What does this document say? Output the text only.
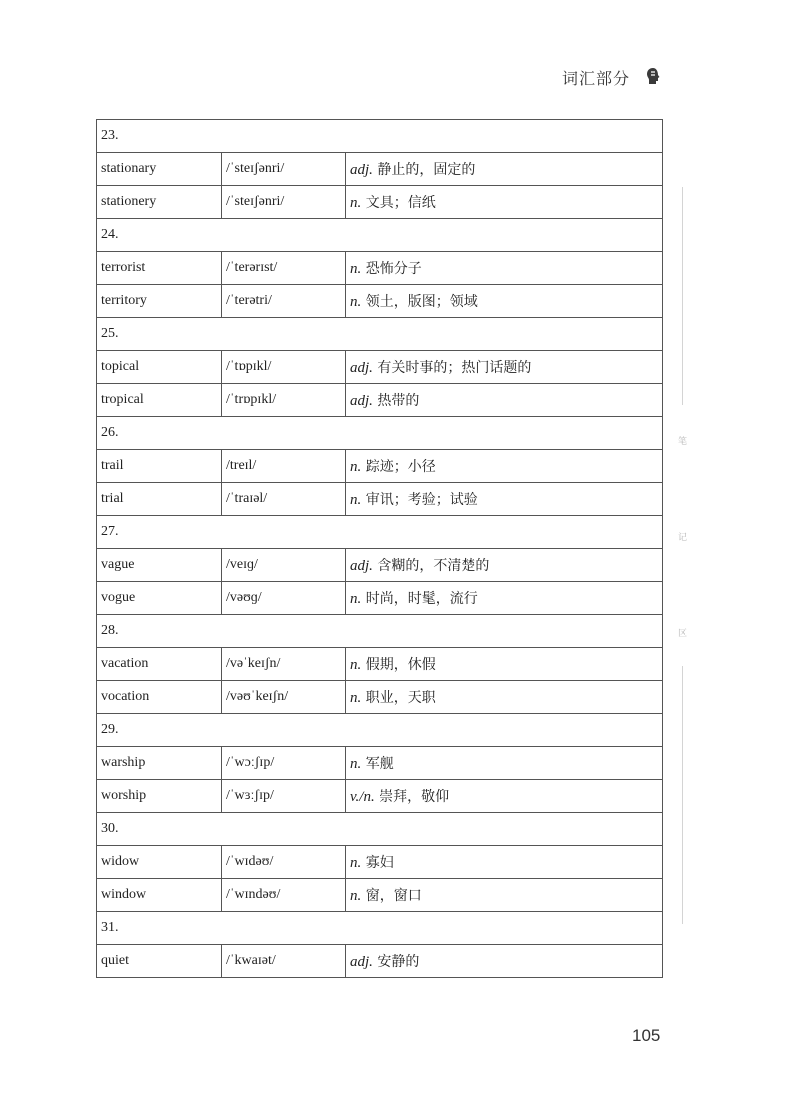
词汇部分
23.		
stationary	/ˈsteɪʃənri/	adj. 静止的，固定的
stationery	/ˈsteɪʃənri/	n. 文具；信纸
24.		
terrorist	/ˈterərɪst/	n. 恐怖分子
territory	/ˈterətri/	n. 领土，版图；领域
25.		
topical	/ˈtɒpɪkl/	adj. 有关时事的；热门话题的
tropical	/ˈtrɒpɪkl/	adj. 热带的
26.		
trail	/treɪl/	n. 踪迹；小径
trial	/ˈtraɪəl/	n. 审讯；考验；试验
27.		
vague	/veɪɡ/	adj. 含糊的，不清楚的
vogue	/vəʊɡ/	n. 时尚，时髦，流行
28.		
vacation	/vəˈkeɪʃn/	n. 假期，休假
vocation	/vəʊˈkeɪʃn/	n. 职业，天职
29.		
warship	/ˈwɔːʃɪp/	n. 军舰
worship	/ˈwɜːʃɪp/	v./n. 崇拜，敬仰
30.		
widow	/ˈwɪdəʊ/	n. 寡妇
window	/ˈwɪndəʊ/	n. 窗，窗口
31.		
quiet	/ˈkwaɪət/	adj. 安静的
笔
记
区
105
